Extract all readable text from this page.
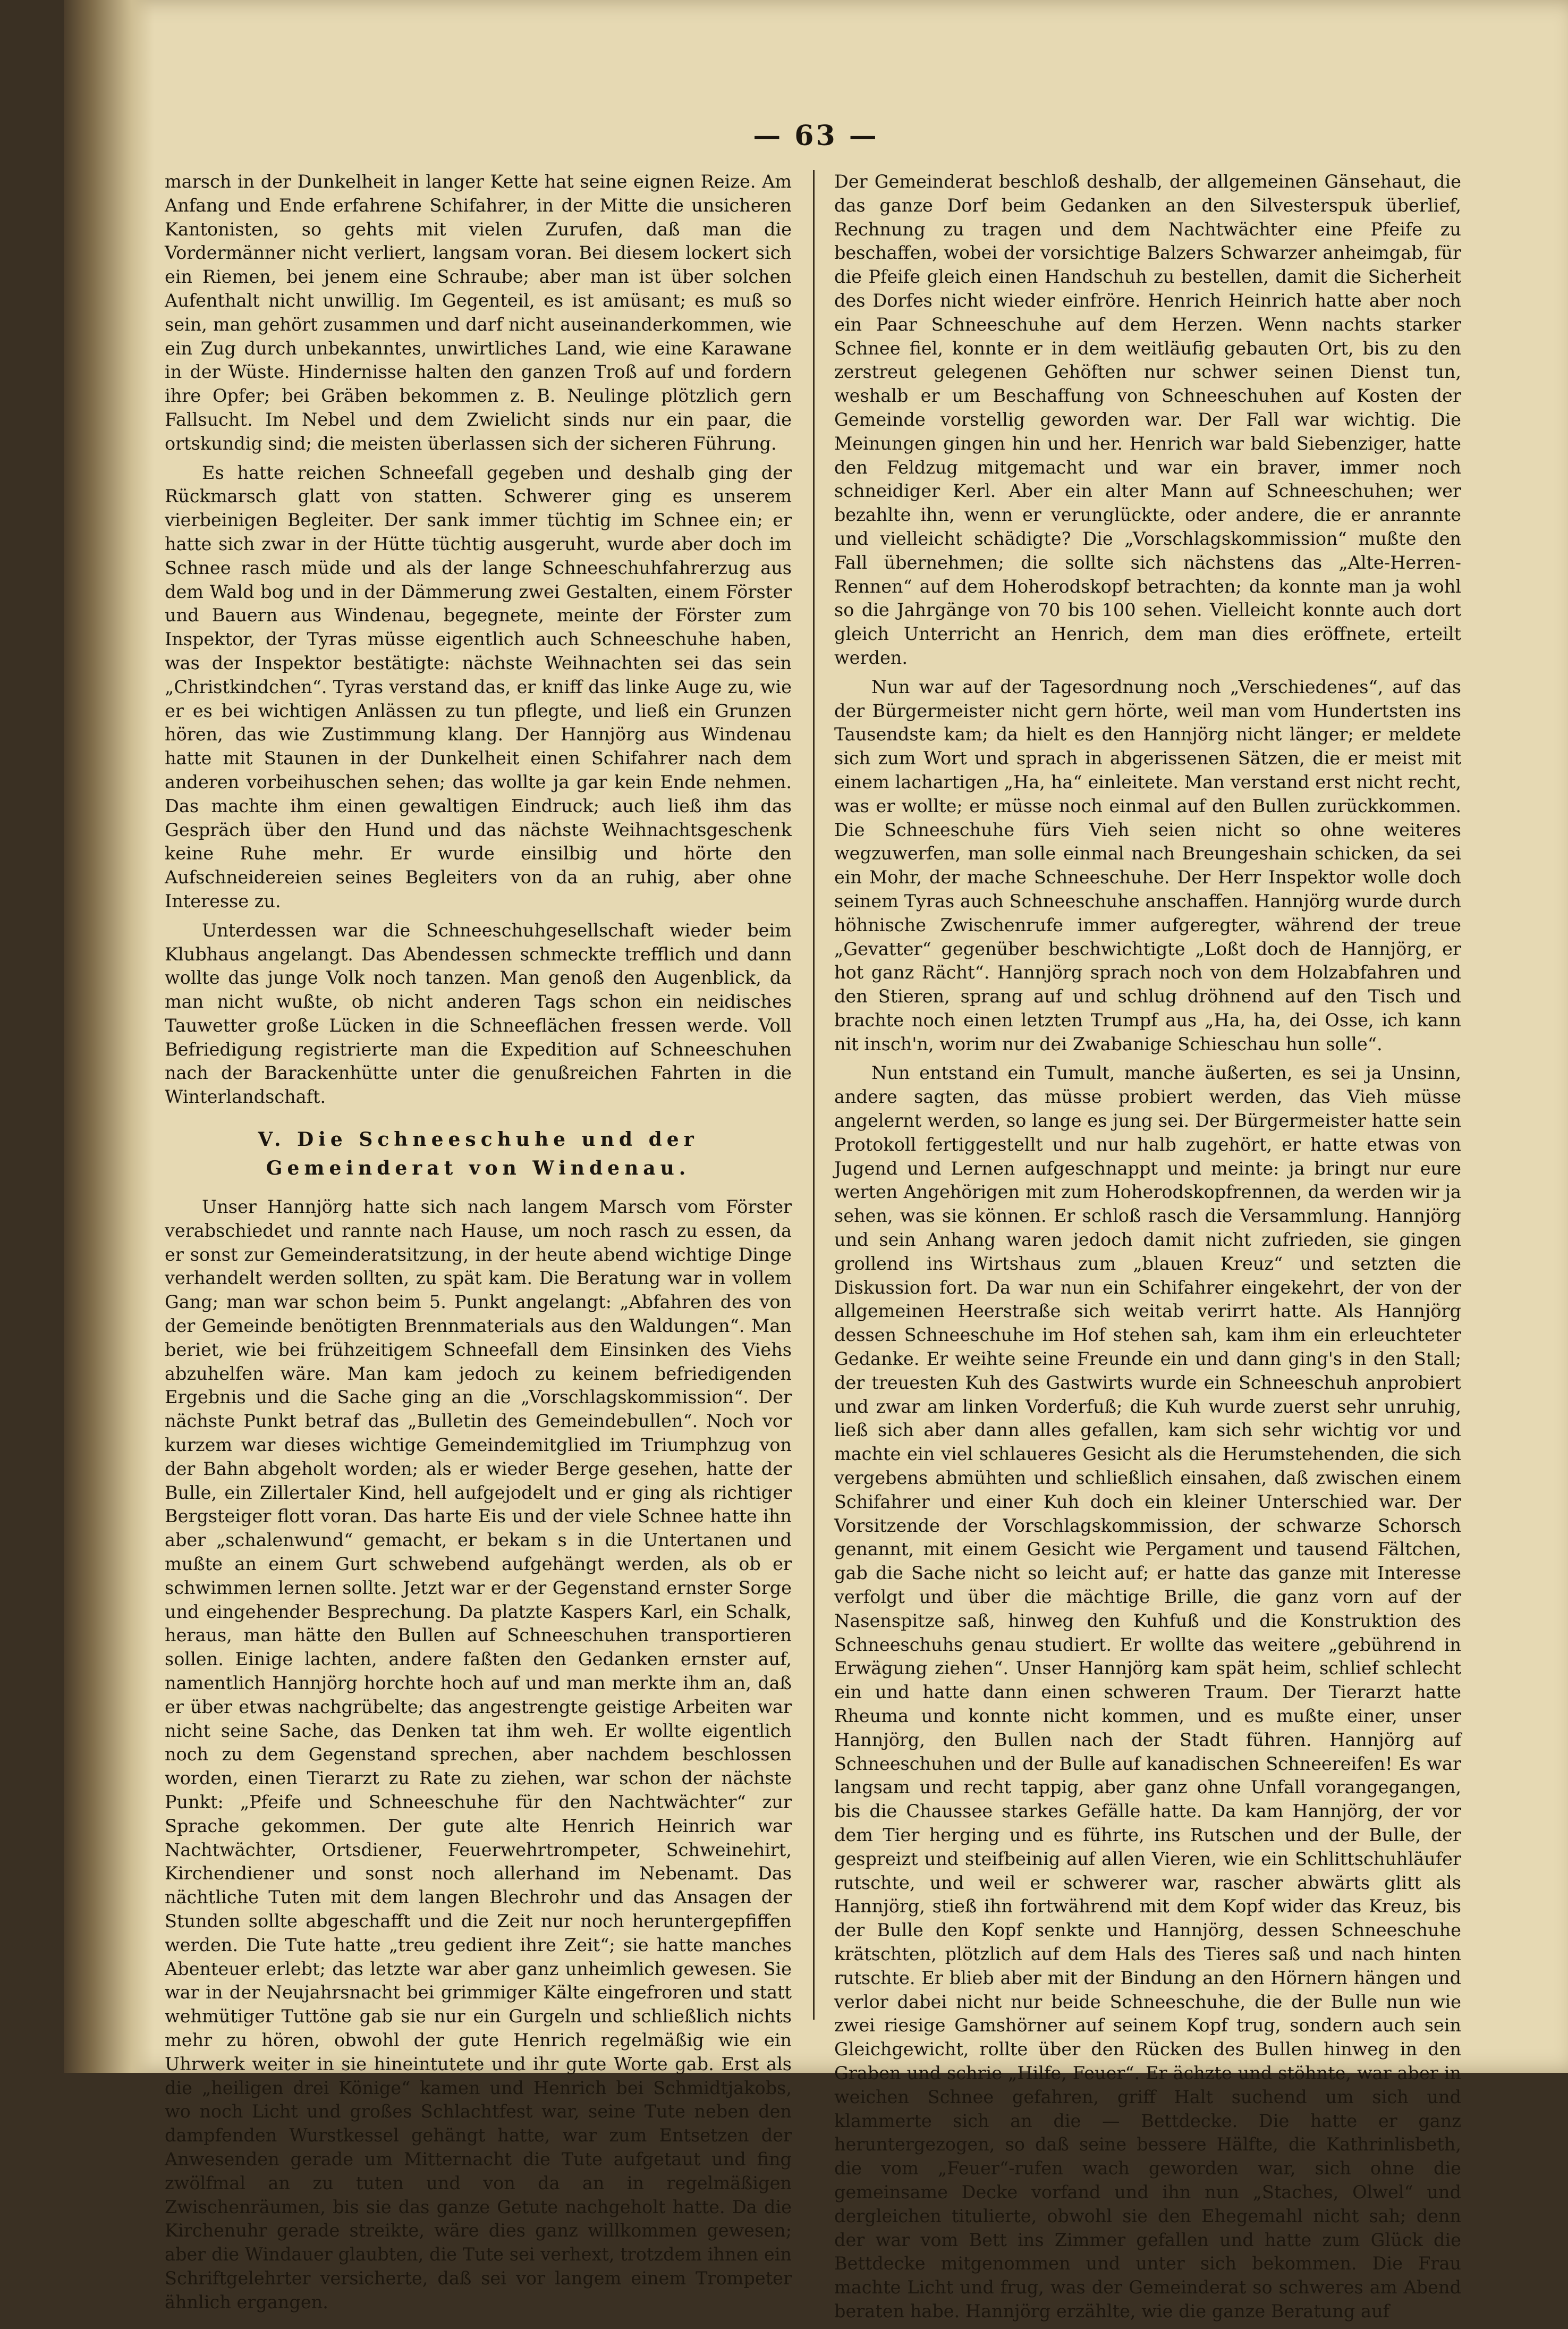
— 63 —

marsch in der Dunkelheit in langer Kette hat seine eignen Reize. Am Anfang und Ende erfahrene Schifahrer, in der Mitte die unsicheren Kantonisten, so gehts mit vielen Zurufen, daß man die Vordermänner nicht verliert, langsam voran. Bei diesem lockert sich ein Riemen, bei jenem eine Schraube; aber man ist über solchen Aufenthalt nicht unwillig. Im Gegenteil, es ist amüsant; es muß so sein, man gehört zusammen und darf nicht auseinanderkommen, wie ein Zug durch unbekanntes, unwirtliches Land, wie eine Karawane in der Wüste. Hindernisse halten den ganzen Troß auf und fordern ihre Opfer; bei Gräben bekommen z. B. Neulinge plötzlich gern Fallsucht. Im Nebel und dem Zwielicht sinds nur ein paar, die ortskundig sind; die meisten überlassen sich der sicheren Führung.

Es hatte reichen Schneefall gegeben und deshalb ging der Rückmarsch glatt von statten. Schwerer ging es unserem vierbeinigen Begleiter. Der sank immer tüchtig im Schnee ein; er hatte sich zwar in der Hütte tüchtig ausgeruht, wurde aber doch im Schnee rasch müde und als der lange Schneeschuhfahrerzug aus dem Wald bog und in der Dämmerung zwei Gestalten, einem Förster und Bauern aus Windenau, begegnete, meinte der Förster zum Inspektor, der Tyras müsse eigentlich auch Schneeschuhe haben, was der Inspektor bestätigte: nächste Weihnachten sei das sein „Christkindchen“. Tyras verstand das, er kniff das linke Auge zu, wie er es bei wichtigen Anlässen zu tun pflegte, und ließ ein Grunzen hören, das wie Zustimmung klang. Der Hannjörg aus Windenau hatte mit Staunen in der Dunkelheit einen Schifahrer nach dem anderen vorbeihuschen sehen; das wollte ja gar kein Ende nehmen. Das machte ihm einen gewaltigen Eindruck; auch ließ ihm das Gespräch über den Hund und das nächste Weihnachtsgeschenk keine Ruhe mehr. Er wurde einsilbig und hörte den Aufschneidereien seines Begleiters von da an ruhig, aber ohne Interesse zu.

Unterdessen war die Schneeschuhgesellschaft wieder beim Klubhaus angelangt. Das Abendessen schmeckte trefflich und dann wollte das junge Volk noch tanzen. Man genoß den Augenblick, da man nicht wußte, ob nicht anderen Tags schon ein neidisches Tauwetter große Lücken in die Schneeflächen fressen werde. Voll Befriedigung registrierte man die Expedition auf Schneeschuhen nach der Barackenhütte unter die genußreichen Fahrten in die Winterlandschaft.

V. Die Schneeschuhe und der Gemeinderat von Windenau.

Unser Hannjörg hatte sich nach langem Marsch vom Förster verabschiedet und rannte nach Hause, um noch rasch zu essen, da er sonst zur Gemeinderatsitzung, in der heute abend wichtige Dinge verhandelt werden sollten, zu spät kam. Die Beratung war in vollem Gang; man war schon beim 5. Punkt angelangt: „Abfahren des von der Gemeinde benötigten Brennmaterials aus den Waldungen“. Man beriet, wie bei frühzeitigem Schneefall dem Einsinken des Viehs abzuhelfen wäre. Man kam jedoch zu keinem befriedigenden Ergebnis und die Sache ging an die „Vorschlagskommission“. Der nächste Punkt betraf das „Bulletin des Gemeindebullen“. Noch vor kurzem war dieses wichtige Gemeindemitglied im Triumphzug von der Bahn abgeholt worden; als er wieder Berge gesehen, hatte der Bulle, ein Zillertaler Kind, hell aufgejodelt und er ging als richtiger Bergsteiger flott voran. Das harte Eis und der viele Schnee hatte ihn aber „schalenwund“ gemacht, er bekam s in die Untertanen und mußte an einem Gurt schwebend aufgehängt werden, als ob er schwimmen lernen sollte. Jetzt war er der Gegenstand ernster Sorge und eingehender Besprechung. Da platzte Kaspers Karl, ein Schalk, heraus, man hätte den Bullen auf Schneeschuhen transportieren sollen. Einige lachten, andere faßten den Gedanken ernster auf, namentlich Hannjörg horchte hoch auf und man merkte ihm an, daß er über etwas nachgrübelte; das angestrengte geistige Arbeiten war nicht seine Sache, das Denken tat ihm weh. Er wollte eigentlich noch zu dem Gegenstand sprechen, aber nachdem beschlossen worden, einen Tierarzt zu Rate zu ziehen, war schon der nächste Punkt: „Pfeife und Schneeschuhe für den Nachtwächter“ zur Sprache gekommen. Der gute alte Henrich Heinrich war Nachtwächter, Ortsdiener, Feuerwehrtrompeter, Schweinehirt, Kirchendiener und sonst noch allerhand im Nebenamt. Das nächtliche Tuten mit dem langen Blechrohr und das Ansagen der Stunden sollte abgeschafft und die Zeit nur noch heruntergepfiffen werden. Die Tute hatte „treu gedient ihre Zeit“; sie hatte manches Abenteuer erlebt; das letzte war aber ganz unheimlich gewesen. Sie war in der Neujahrsnacht bei grimmiger Kälte eingefroren und statt wehmütiger Tuttöne gab sie nur ein Gurgeln und schließlich nichts mehr zu hören, obwohl der gute Henrich regelmäßig wie ein Uhrwerk weiter in sie hineintutete und ihr gute Worte gab. Erst als die „heiligen drei Könige“ kamen und Henrich bei Schmidtjakobs, wo noch Licht und großes Schlachtfest war, seine Tute neben den dampfenden Wurstkessel gehängt hatte, war zum Entsetzen der Anwesenden gerade um Mitternacht die Tute aufgetaut und fing zwölfmal an zu tuten und von da an in regelmäßigen Zwischenräumen, bis sie das ganze Getute nachgeholt hatte. Da die Kirchenuhr gerade streikte, wäre dies ganz willkommen gewesen; aber die Windauer glaubten, die Tute sei verhext, trotzdem ihnen ein Schriftgelehrter versicherte, daß sei vor langem einem Trompeter ähnlich ergangen.

Der Gemeinderat beschloß deshalb, der allgemeinen Gänsehaut, die das ganze Dorf beim Gedanken an den Silvesterspuk überlief, Rechnung zu tragen und dem Nachtwächter eine Pfeife zu beschaffen, wobei der vorsichtige Balzers Schwarzer anheimgab, für die Pfeife gleich einen Handschuh zu bestellen, damit die Sicherheit des Dorfes nicht wieder einfröre. Henrich Heinrich hatte aber noch ein Paar Schneeschuhe auf dem Herzen. Wenn nachts starker Schnee fiel, konnte er in dem weitläufig gebauten Ort, bis zu den zerstreut gelegenen Gehöften nur schwer seinen Dienst tun, weshalb er um Beschaffung von Schneeschuhen auf Kosten der Gemeinde vorstellig geworden war. Der Fall war wichtig. Die Meinungen gingen hin und her. Henrich war bald Siebenziger, hatte den Feldzug mitgemacht und war ein braver, immer noch schneidiger Kerl. Aber ein alter Mann auf Schneeschuhen; wer bezahlte ihn, wenn er verunglückte, oder andere, die er anrannte und vielleicht schädigte? Die „Vorschlagskommission“ mußte den Fall übernehmen; die sollte sich nächstens das „Alte-Herren-Rennen“ auf dem Hoherodskopf betrachten; da konnte man ja wohl so die Jahrgänge von 70 bis 100 sehen. Vielleicht konnte auch dort gleich Unterricht an Henrich, dem man dies eröffnete, erteilt werden.

Nun war auf der Tagesordnung noch „Verschiedenes“, auf das der Bürgermeister nicht gern hörte, weil man vom Hundertsten ins Tausendste kam; da hielt es den Hannjörg nicht länger; er meldete sich zum Wort und sprach in abgerissenen Sätzen, die er meist mit einem lachartigen „Ha, ha“ einleitete. Man verstand erst nicht recht, was er wollte; er müsse noch einmal auf den Bullen zurückkommen. Die Schneeschuhe fürs Vieh seien nicht so ohne weiteres wegzuwerfen, man solle einmal nach Breungeshain schicken, da sei ein Mohr, der mache Schneeschuhe. Der Herr Inspektor wolle doch seinem Tyras auch Schneeschuhe anschaffen. Hannjörg wurde durch höhnische Zwischenrufe immer aufgeregter, während der treue „Gevatter“ gegenüber beschwichtigte „Loßt doch de Hannjörg, er hot ganz Rächt“. Hannjörg sprach noch von dem Holzabfahren und den Stieren, sprang auf und schlug dröhnend auf den Tisch und brachte noch einen letzten Trumpf aus „Ha, ha, dei Osse, ich kann nit insch'n, worim nur dei Zwabanige Schieschau hun solle“.

Nun entstand ein Tumult, manche äußerten, es sei ja Unsinn, andere sagten, das müsse probiert werden, das Vieh müsse angelernt werden, so lange es jung sei. Der Bürgermeister hatte sein Protokoll fertiggestellt und nur halb zugehört, er hatte etwas von Jugend und Lernen aufgeschnappt und meinte: ja bringt nur eure werten Angehörigen mit zum Hoherodskopfrennen, da werden wir ja sehen, was sie können. Er schloß rasch die Versammlung. Hannjörg und sein Anhang waren jedoch damit nicht zufrieden, sie gingen grollend ins Wirtshaus zum „blauen Kreuz“ und setzten die Diskussion fort. Da war nun ein Schifahrer eingekehrt, der von der allgemeinen Heerstraße sich weitab verirrt hatte. Als Hannjörg dessen Schneeschuhe im Hof stehen sah, kam ihm ein erleuchteter Gedanke. Er weihte seine Freunde ein und dann ging's in den Stall; der treuesten Kuh des Gastwirts wurde ein Schneeschuh anprobiert und zwar am linken Vorderfuß; die Kuh wurde zuerst sehr unruhig, ließ sich aber dann alles gefallen, kam sich sehr wichtig vor und machte ein viel schlaueres Gesicht als die Herumstehenden, die sich vergebens abmühten und schließlich einsahen, daß zwischen einem Schifahrer und einer Kuh doch ein kleiner Unterschied war. Der Vorsitzende der Vorschlagskommission, der schwarze Schorsch genannt, mit einem Gesicht wie Pergament und tausend Fältchen, gab die Sache nicht so leicht auf; er hatte das ganze mit Interesse verfolgt und über die mächtige Brille, die ganz vorn auf der Nasenspitze saß, hinweg den Kuhfuß und die Konstruktion des Schneeschuhs genau studiert. Er wollte das weitere „gebührend in Erwägung ziehen“. Unser Hannjörg kam spät heim, schlief schlecht ein und hatte dann einen schweren Traum. Der Tierarzt hatte Rheuma und konnte nicht kommen, und es mußte einer, unser Hannjörg, den Bullen nach der Stadt führen. Hannjörg auf Schneeschuhen und der Bulle auf kanadischen Schneereifen! Es war langsam und recht tappig, aber ganz ohne Unfall vorangegangen, bis die Chaussee starkes Gefälle hatte. Da kam Hannjörg, der vor dem Tier herging und es führte, ins Rutschen und der Bulle, der gespreizt und steifbeinig auf allen Vieren, wie ein Schlittschuhläufer rutschte, und weil er schwerer war, rascher abwärts glitt als Hannjörg, stieß ihn fortwährend mit dem Kopf wider das Kreuz, bis der Bulle den Kopf senkte und Hannjörg, dessen Schneeschuhe krätschten, plötzlich auf dem Hals des Tieres saß und nach hinten rutschte. Er blieb aber mit der Bindung an den Hörnern hängen und verlor dabei nicht nur beide Schneeschuhe, die der Bulle nun wie zwei riesige Gamshörner auf seinem Kopf trug, sondern auch sein Gleichgewicht, rollte über den Rücken des Bullen hinweg in den Graben und schrie „Hilfe, Feuer“. Er ächzte und stöhnte, war aber in weichen Schnee gefahren, griff Halt suchend um sich und klammerte sich an die — Bettdecke. Die hatte er ganz heruntergezogen, so daß seine bessere Hälfte, die Kathrinlisbeth, die vom „Feuer“-rufen wach geworden war, sich ohne die gemeinsame Decke vorfand und ihn nun „Staches, Olwel“ und dergleichen titulierte, obwohl sie den Ehegemahl nicht sah; denn der war vom Bett ins Zimmer gefallen und hatte zum Glück die Bettdecke mitgenommen und unter sich bekommen. Die Frau machte Licht und frug, was der Gemeinderat so schweres am Abend beraten habe. Hannjörg erzählte, wie die ganze Beratung auf
